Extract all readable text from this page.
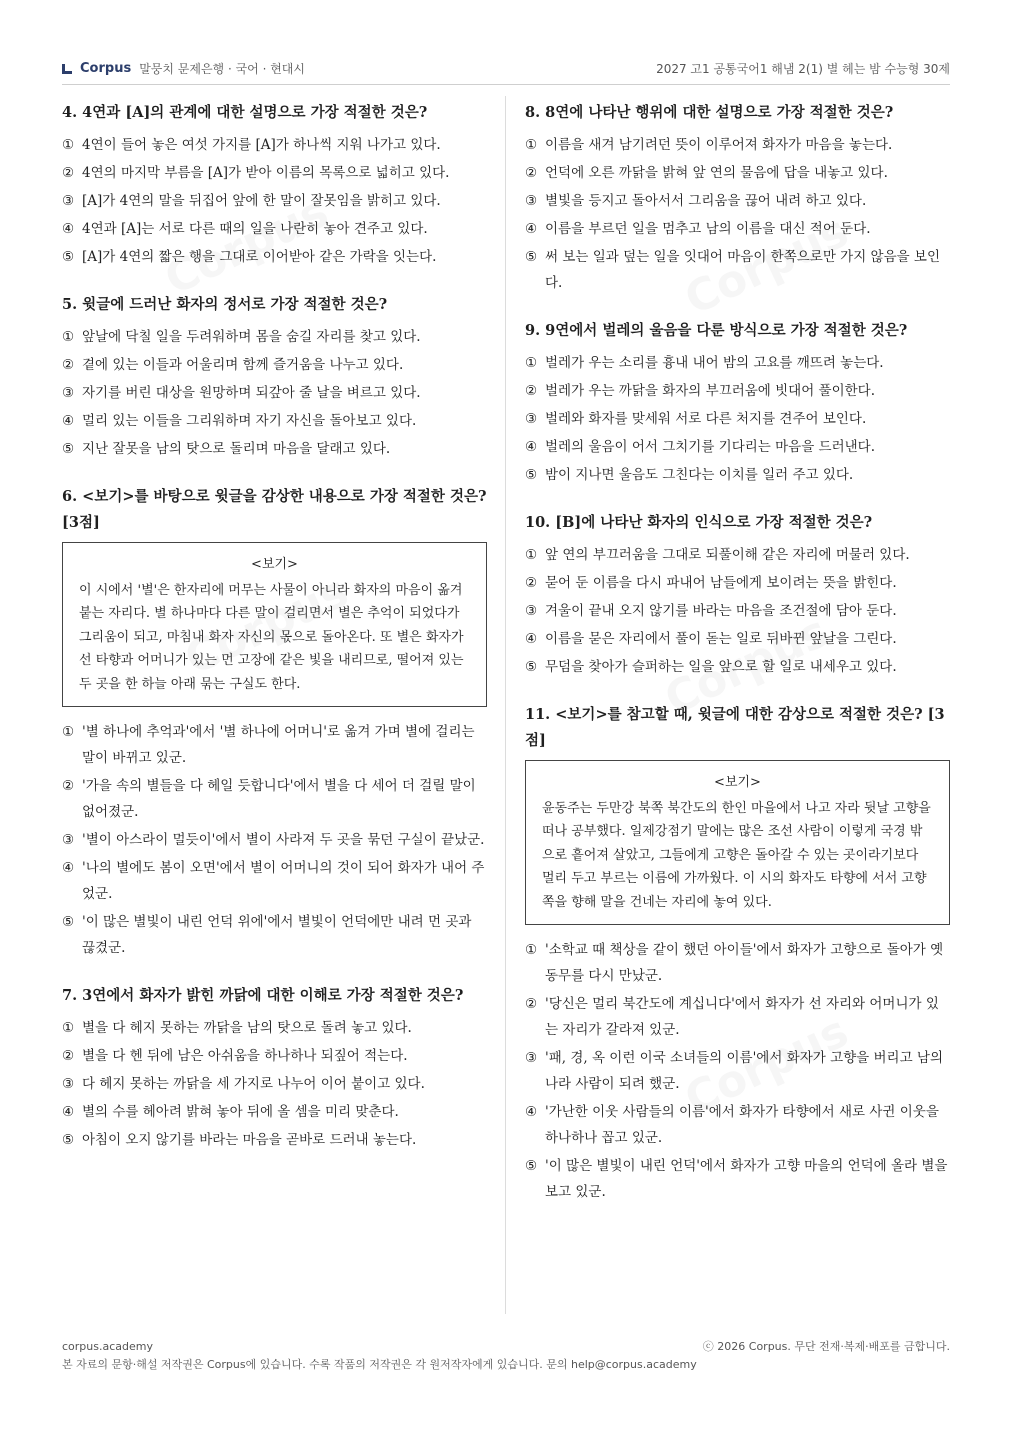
Corpus 말뭉치 문제은행 · 국어 · 현대시	2027 고1 공통국어1 해냄 2(1) 별 헤는 밤 수능형 30제
4. 4연과 [A]의 관계에 대한 설명으로 가장 적절한 것은?
① 4연이 들어 놓은 여섯 가지를 [A]가 하나씩 지워 나가고 있다.
② 4연의 마지막 부름을 [A]가 받아 이름의 목록으로 넓히고 있다.
③ [A]가 4연의 말을 뒤집어 앞에 한 말이 잘못임을 밝히고 있다.
④ 4연과 [A]는 서로 다른 때의 일을 나란히 놓아 견주고 있다.
⑤ [A]가 4연의 짧은 행을 그대로 이어받아 같은 가락을 잇는다.
5. 윗글에 드러난 화자의 정서로 가장 적절한 것은?
① 앞날에 닥칠 일을 두려워하며 몸을 숨길 자리를 찾고 있다.
② 곁에 있는 이들과 어울리며 함께 즐거움을 나누고 있다.
③ 자기를 버린 대상을 원망하며 되갚아 줄 날을 벼르고 있다.
④ 멀리 있는 이들을 그리워하며 자기 자신을 돌아보고 있다.
⑤ 지난 잘못을 남의 탓으로 돌리며 마음을 달래고 있다.
6. <보기>를 바탕으로 윗글을 감상한 내용으로 가장 적절한 것은? [3점]
<보기>
이 시에서 '별'은 한자리에 머무는 사물이 아니라 화자의 마음이 옮겨 붙는 자리다. 별 하나마다 다른 말이 걸리면서 별은 추억이 되었다가 그리움이 되고, 마침내 화자 자신의 몫으로 돌아온다. 또 별은 화자가 선 타향과 어머니가 있는 먼 고장에 같은 빛을 내리므로, 떨어져 있는 두 곳을 한 하늘 아래 묶는 구실도 한다.
① '별 하나에 추억과'에서 '별 하나에 어머니'로 옮겨 가며 별에 걸리는 말이 바뀌고 있군.
② '가을 속의 별들을 다 헤일 듯합니다'에서 별을 다 세어 더 걸릴 말이 없어졌군.
③ '별이 아스라이 멀듯이'에서 별이 사라져 두 곳을 묶던 구실이 끝났군.
④ '나의 별에도 봄이 오면'에서 별이 어머니의 것이 되어 화자가 내어 주었군.
⑤ '이 많은 별빛이 내린 언덕 위에'에서 별빛이 언덕에만 내려 먼 곳과 끊겼군.
7. 3연에서 화자가 밝힌 까닭에 대한 이해로 가장 적절한 것은?
① 별을 다 헤지 못하는 까닭을 남의 탓으로 돌려 놓고 있다.
② 별을 다 헨 뒤에 남은 아쉬움을 하나하나 되짚어 적는다.
③ 다 헤지 못하는 까닭을 세 가지로 나누어 이어 붙이고 있다.
④ 별의 수를 헤아려 밝혀 놓아 뒤에 올 셈을 미리 맞춘다.
⑤ 아침이 오지 않기를 바라는 마음을 곧바로 드러내 놓는다.
8. 8연에 나타난 행위에 대한 설명으로 가장 적절한 것은?
① 이름을 새겨 남기려던 뜻이 이루어져 화자가 마음을 놓는다.
② 언덕에 오른 까닭을 밝혀 앞 연의 물음에 답을 내놓고 있다.
③ 별빛을 등지고 돌아서서 그리움을 끊어 내려 하고 있다.
④ 이름을 부르던 일을 멈추고 남의 이름을 대신 적어 둔다.
⑤ 써 보는 일과 덮는 일을 잇대어 마음이 한쪽으로만 가지 않음을 보인다.
9. 9연에서 벌레의 울음을 다룬 방식으로 가장 적절한 것은?
① 벌레가 우는 소리를 흉내 내어 밤의 고요를 깨뜨려 놓는다.
② 벌레가 우는 까닭을 화자의 부끄러움에 빗대어 풀이한다.
③ 벌레와 화자를 맞세워 서로 다른 처지를 견주어 보인다.
④ 벌레의 울음이 어서 그치기를 기다리는 마음을 드러낸다.
⑤ 밤이 지나면 울음도 그친다는 이치를 일러 주고 있다.
10. [B]에 나타난 화자의 인식으로 가장 적절한 것은?
① 앞 연의 부끄러움을 그대로 되풀이해 같은 자리에 머물러 있다.
② 묻어 둔 이름을 다시 파내어 남들에게 보이려는 뜻을 밝힌다.
③ 겨울이 끝내 오지 않기를 바라는 마음을 조건절에 담아 둔다.
④ 이름을 묻은 자리에서 풀이 돋는 일로 뒤바뀐 앞날을 그린다.
⑤ 무덤을 찾아가 슬퍼하는 일을 앞으로 할 일로 내세우고 있다.
11. <보기>를 참고할 때, 윗글에 대한 감상으로 적절한 것은? [3점]
<보기>
윤동주는 두만강 북쪽 북간도의 한인 마을에서 나고 자라 뒷날 고향을 떠나 공부했다. 일제강점기 말에는 많은 조선 사람이 이렇게 국경 밖으로 흩어져 살았고, 그들에게 고향은 돌아갈 수 있는 곳이라기보다 멀리 두고 부르는 이름에 가까웠다. 이 시의 화자도 타향에 서서 고향 쪽을 향해 말을 건네는 자리에 놓여 있다.
① '소학교 때 책상을 같이 했던 아이들'에서 화자가 고향으로 돌아가 옛 동무를 다시 만났군.
② '당신은 멀리 북간도에 계십니다'에서 화자가 선 자리와 어머니가 있는 자리가 갈라져 있군.
③ '패, 경, 옥 이런 이국 소녀들의 이름'에서 화자가 고향을 버리고 남의 나라 사람이 되려 했군.
④ '가난한 이웃 사람들의 이름'에서 화자가 타향에서 새로 사귄 이웃을 하나하나 꼽고 있군.
⑤ '이 많은 별빛이 내린 언덕'에서 화자가 고향 마을의 언덕에 올라 별을 보고 있군.
corpus.academy	ⓒ 2026 Corpus. 무단 전재·복제·배포를 금합니다.
본 자료의 문항·해설 저작권은 Corpus에 있습니다. 수록 작품의 저작권은 각 원저작자에게 있습니다. 문의 help@corpus.academy
